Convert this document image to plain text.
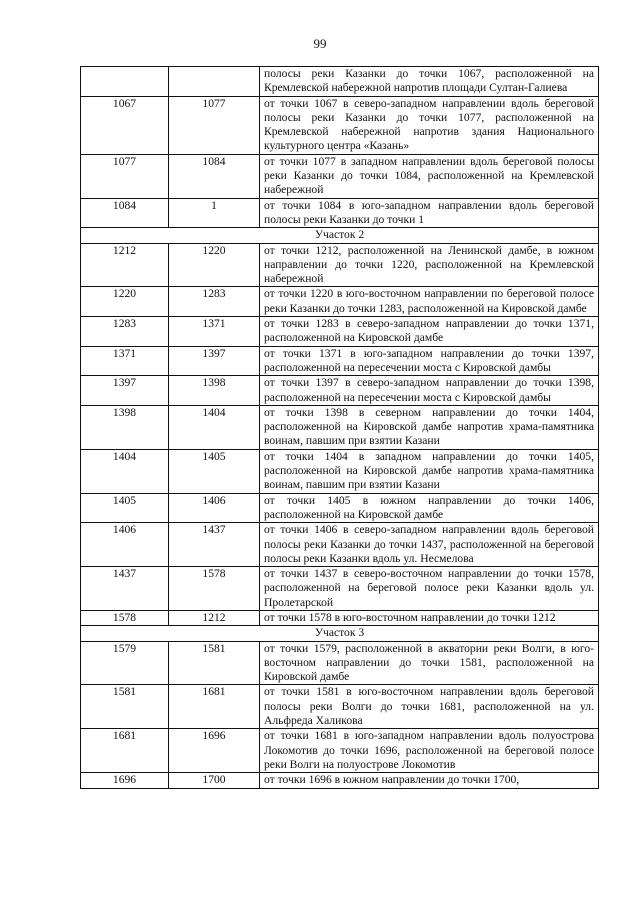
99
		полосы реки Казанки до точки 1067, расположенной на Кремлевской набережной напротив площади Султан-Галиева
1067	1077	от точки 1067 в северо-западном направлении вдоль береговой полосы реки Казанки до точки 1077, расположенной на Кремлевской набережной напротив здания Национального культурного центра «Казань»
1077	1084	от точки 1077 в западном направлении вдоль береговой полосы реки Казанки до точки 1084, расположенной на Кремлевской набережной
1084	1	от точки 1084 в юго-западном направлении вдоль береговой полосы реки Казанки до точки 1
Участок 2		
1212	1220	от точки 1212, расположенной на Ленинской дамбе, в южном направлении до точки 1220, расположенной на Кремлевской набережной
1220	1283	от точки 1220 в юго-восточном направлении по береговой полосе реки Казанки до точки 1283, расположенной на Кировской дамбе
1283	1371	от точки 1283 в северо-западном направлении до точки 1371, расположенной на Кировской дамбе
1371	1397	от точки 1371 в юго-западном направлении до точки 1397, расположенной на пересечении моста с Кировской дамбы
1397	1398	от точки 1397 в северо-западном направлении до точки 1398, расположенной на пересечении моста с Кировской дамбы
1398	1404	от точки 1398 в северном направлении до точки 1404, расположенной на Кировской дамбе напротив храма-памятника воинам, павшим при взятии Казани
1404	1405	от точки 1404 в западном направлении до точки 1405, расположенной на Кировской дамбе напротив храма-памятника воинам, павшим при взятии Казани
1405	1406	от точки 1405 в южном направлении до точки 1406, расположенной на Кировской дамбе
1406	1437	от точки 1406 в северо-западном направлении вдоль береговой полосы реки Казанки до точки 1437, расположенной на береговой полосы реки Казанки вдоль ул. Несмелова
1437	1578	от точки 1437 в северо-восточном направлении до точки 1578, расположенной на береговой полосе реки Казанки вдоль ул. Пролетарской
1578	1212	от точки 1578 в юго-восточном направлении до точки 1212
Участок 3		
1579	1581	от точки 1579, расположенной в акватории реки Волги, в юго-восточном направлении до точки 1581, расположенной на Кировской дамбе
1581	1681	от точки 1581 в юго-восточном направлении вдоль береговой полосы реки Волги до точки 1681, расположенной на ул. Альфреда Халикова
1681	1696	от точки 1681 в юго-западном направлении вдоль полуострова Локомотив до точки 1696, расположенной на береговой полосе реки Волги на полуострове Локомотив
1696	1700	от точки 1696 в южном направлении до точки 1700,
